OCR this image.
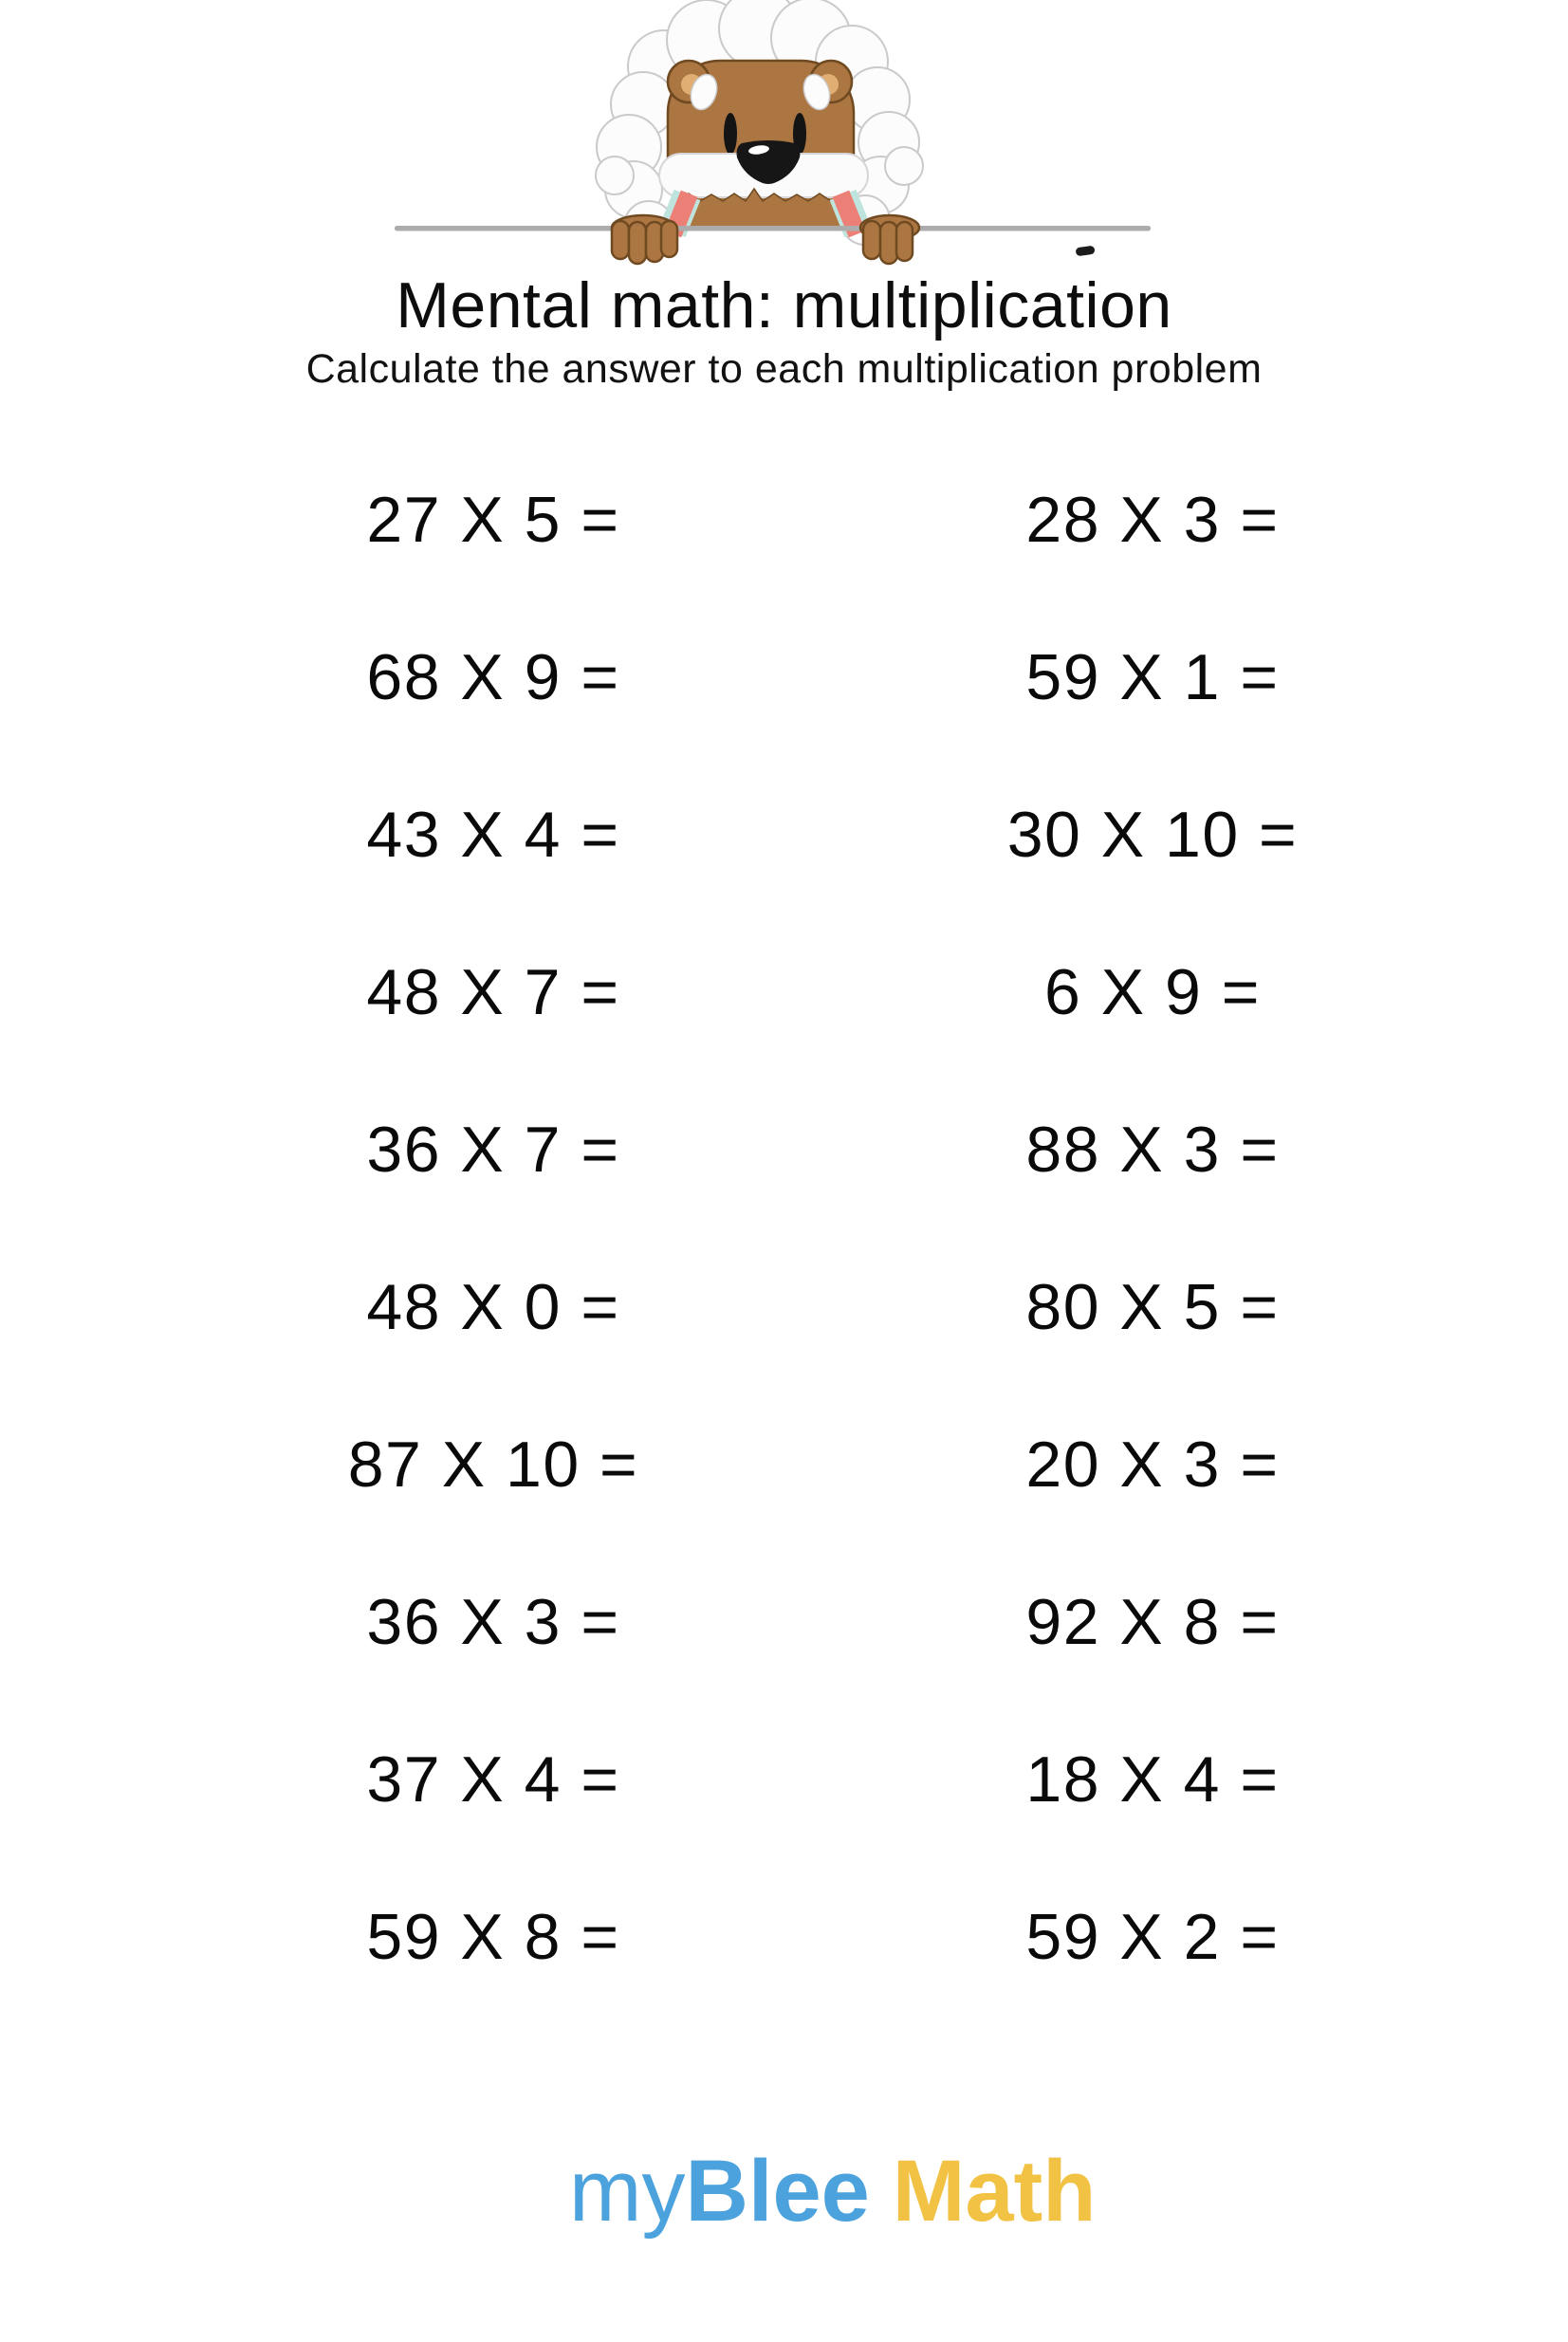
Mental math: multiplication
Calculate the answer to each multiplication problem
27 X 5 =	28 X 3 =
68 X 9 =	59 X 1 =
43 X 4 =	30 X 10 =
48 X 7 =	6 X 9 =
36 X 7 =	88 X 3 =
48 X 0 =	80 X 5 =
87 X 10 =	20 X 3 =
36 X 3 =	92 X 8 =
37 X 4 =	18 X 4 =
59 X 8 =	59 X 2 =

myBlee Math
